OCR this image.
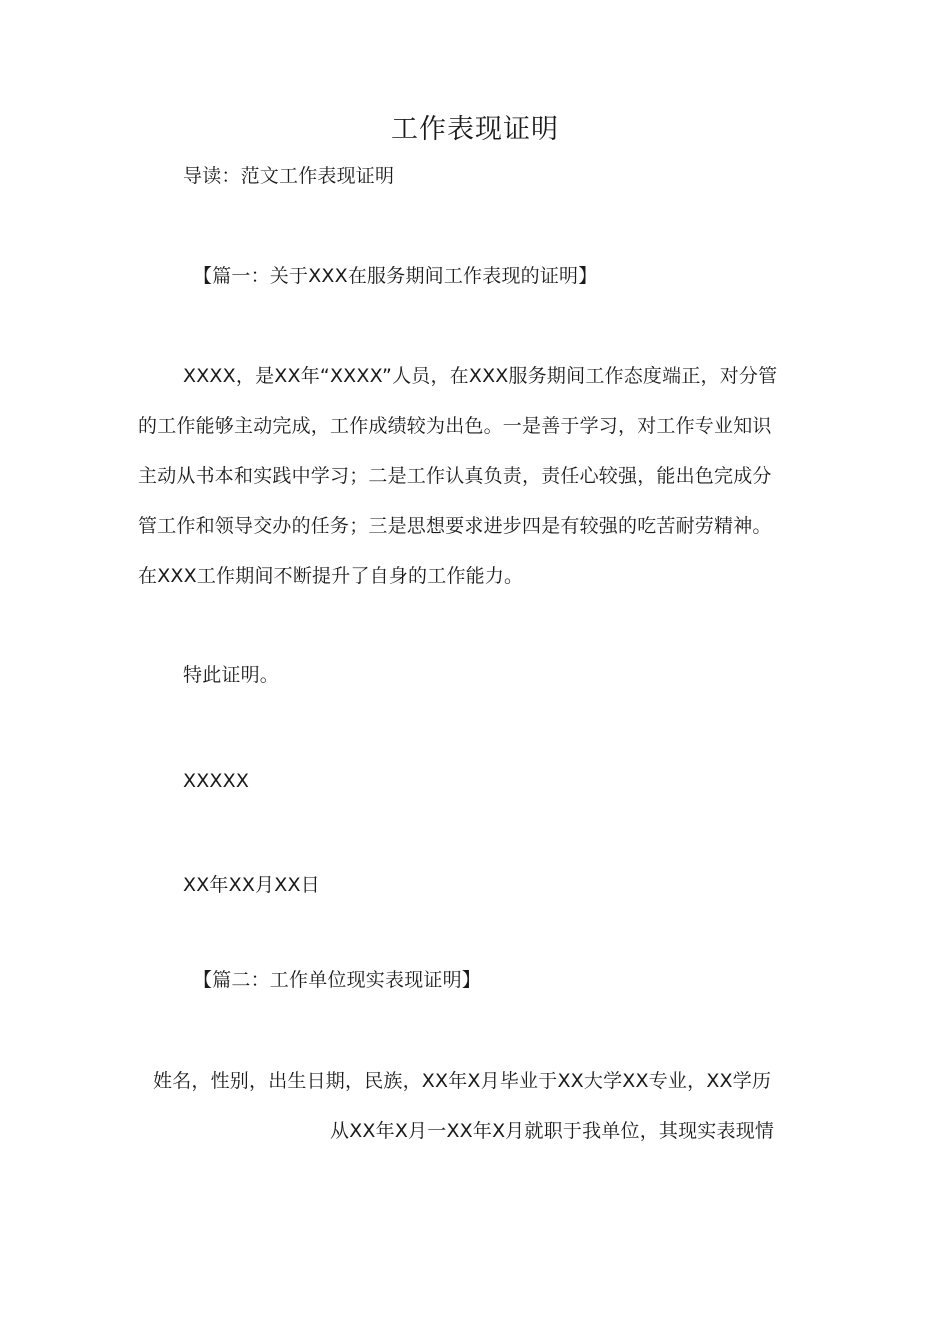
工作表现证明
导读：范文工作表现证明
【篇一：关于XXX在服务期间工作表现的证明】
XXXX，是XX年“XXXX”人员，在XXX服务期间工作态度端正，对分管
的工作能够主动完成，工作成绩较为出色。一是善于学习，对工作专业知识
主动从书本和实践中学习；二是工作认真负责，责任心较强，能出色完成分
管工作和领导交办的任务；三是思想要求进步四是有较强的吃苦耐劳精神。
在XXX工作期间不断提升了自身的工作能力。
特此证明。
XXXXX
XX年XX月XX日
【篇二：工作单位现实表现证明】
姓名，性别，出生日期，民族，XX年X月毕业于XX大学XX专业，XX学历
从XX年X月一XX年X月就职于我单位，其现实表现情
